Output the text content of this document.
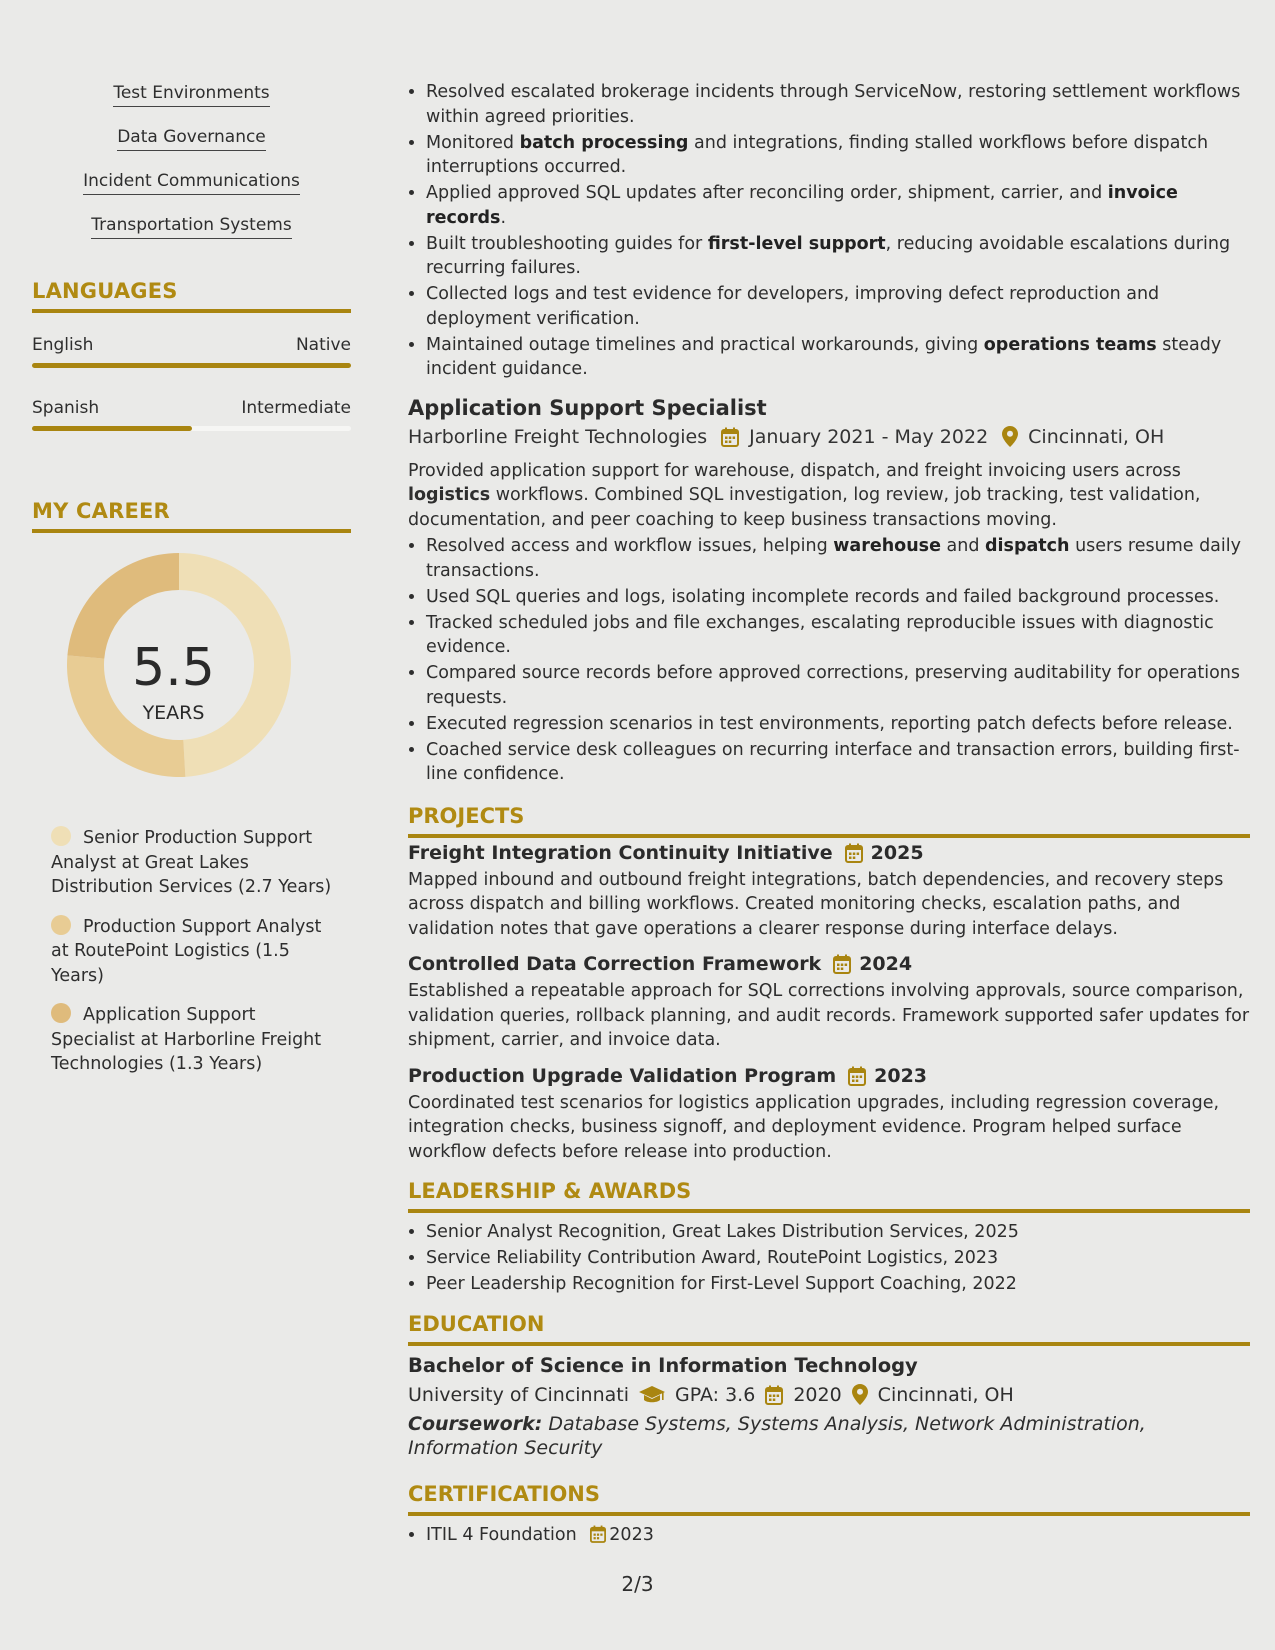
Test Environments
Data Governance
Incident Communications
Transportation Systems
LANGUAGES
English	Native
Spanish	Intermediate
MY CAREER
5.5
YEARS
Senior Production Support Analyst at Great Lakes Distribution Services (2.7 Years)
Production Support Analyst at RoutePoint Logistics (1.5 Years)
Application Support Specialist at Harborline Freight Technologies (1.3 Years)
• Resolved escalated brokerage incidents through ServiceNow, restoring settlement workflows within agreed priorities.
• Monitored batch processing and integrations, finding stalled workflows before dispatch interruptions occurred.
• Applied approved SQL updates after reconciling order, shipment, carrier, and invoice records.
• Built troubleshooting guides for first-level support, reducing avoidable escalations during recurring failures.
• Collected logs and test evidence for developers, improving defect reproduction and deployment verification.
• Maintained outage timelines and practical workarounds, giving operations teams steady incident guidance.
Application Support Specialist
Harborline Freight Technologies January 2021 - May 2022 Cincinnati, OH
Provided application support for warehouse, dispatch, and freight invoicing users across logistics workflows. Combined SQL investigation, log review, job tracking, test validation, documentation, and peer coaching to keep business transactions moving.
• Resolved access and workflow issues, helping warehouse and dispatch users resume daily transactions.
• Used SQL queries and logs, isolating incomplete records and failed background processes.
• Tracked scheduled jobs and file exchanges, escalating reproducible issues with diagnostic evidence.
• Compared source records before approved corrections, preserving auditability for operations requests.
• Executed regression scenarios in test environments, reporting patch defects before release.
• Coached service desk colleagues on recurring interface and transaction errors, building first-line confidence.
PROJECTS
Freight Integration Continuity Initiative 2025
Mapped inbound and outbound freight integrations, batch dependencies, and recovery steps across dispatch and billing workflows. Created monitoring checks, escalation paths, and validation notes that gave operations a clearer response during interface delays.
Controlled Data Correction Framework 2024
Established a repeatable approach for SQL corrections involving approvals, source comparison, validation queries, rollback planning, and audit records. Framework supported safer updates for shipment, carrier, and invoice data.
Production Upgrade Validation Program 2023
Coordinated test scenarios for logistics application upgrades, including regression coverage, integration checks, business signoff, and deployment evidence. Program helped surface workflow defects before release into production.
LEADERSHIP & AWARDS
• Senior Analyst Recognition, Great Lakes Distribution Services, 2025
• Service Reliability Contribution Award, RoutePoint Logistics, 2023
• Peer Leadership Recognition for First-Level Support Coaching, 2022
EDUCATION
Bachelor of Science in Information Technology
University of Cincinnati GPA: 3.6 2020 Cincinnati, OH
Coursework: Database Systems, Systems Analysis, Network Administration, Information Security
CERTIFICATIONS
• ITIL 4 Foundation 2023
2/3
